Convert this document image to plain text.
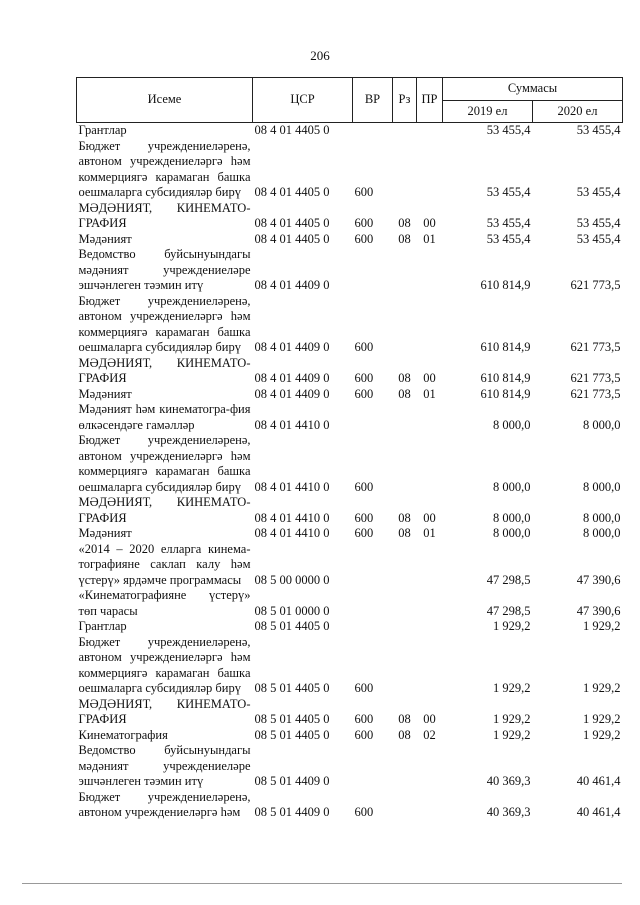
206
Исеме	ЦСР	ВР	Рз	ПР	Суммасы	
					2019 ел	2020 ел
Грантлар	08 4 01 4405 0				53 455,4	53 455,4
Бюджет учреждениеләренә, автоном учреждениеләргә һәм коммерциягә карамаган башка оешмаларга субсидияләр бирү	08 4 01 4405 0	600			53 455,4	53 455,4
МӘДӘНИЯТ, КИНЕМАТО-ГРАФИЯ	08 4 01 4405 0	600	08	00	53 455,4	53 455,4
Мәдәният	08 4 01 4405 0	600	08	01	53 455,4	53 455,4
Ведомство буйсынуындагы мәдәният учреждениеләре эшчәнлеген тәэмин итү	08 4 01 4409 0				610 814,9	621 773,5
Бюджет учреждениеләренә, автоном учреждениеләргә һәм коммерциягә карамаган башка оешмаларга субсидияләр бирү	08 4 01 4409 0	600			610 814,9	621 773,5
МӘДӘНИЯТ, КИНЕМАТО-ГРАФИЯ	08 4 01 4409 0	600	08	00	610 814,9	621 773,5
Мәдәният	08 4 01 4409 0	600	08	01	610 814,9	621 773,5
Мәдәният һәм кинематогра-фия өлкәсендәге гамәлләр	08 4 01 4410 0				8 000,0	8 000,0
Бюджет учреждениеләренә, автоном учреждениеләргә һәм коммерциягә карамаган башка оешмаларга субсидияләр бирү	08 4 01 4410 0	600			8 000,0	8 000,0
МӘДӘНИЯТ, КИНЕМАТО-ГРАФИЯ	08 4 01 4410 0	600	08	00	8 000,0	8 000,0
Мәдәният	08 4 01 4410 0	600	08	01	8 000,0	8 000,0
«2014 – 2020 елларга кинема-тографияне саклап калу һәм үстерү» ярдәмче программасы	08 5 00 0000 0				47 298,5	47 390,6
«Кинематографияне үстерү» төп чарасы	08 5 01 0000 0				47 298,5	47 390,6
Грантлар	08 5 01 4405 0				1 929,2	1 929,2
Бюджет учреждениеләренә, автоном учреждениеләргә һәм коммерциягә карамаган башка оешмаларга субсидияләр бирү	08 5 01 4405 0	600			1 929,2	1 929,2
МӘДӘНИЯТ, КИНЕМАТО-ГРАФИЯ	08 5 01 4405 0	600	08	00	1 929,2	1 929,2
Кинематография	08 5 01 4405 0	600	08	02	1 929,2	1 929,2
Ведомство буйсынуындагы мәдәният учреждениеләре эшчәнлеген тәэмин итү	08 5 01 4409 0				40 369,3	40 461,4
Бюджет учреждениеләренә, автоном учреждениеләргә һәм	08 5 01 4409 0	600			40 369,3	40 461,4
